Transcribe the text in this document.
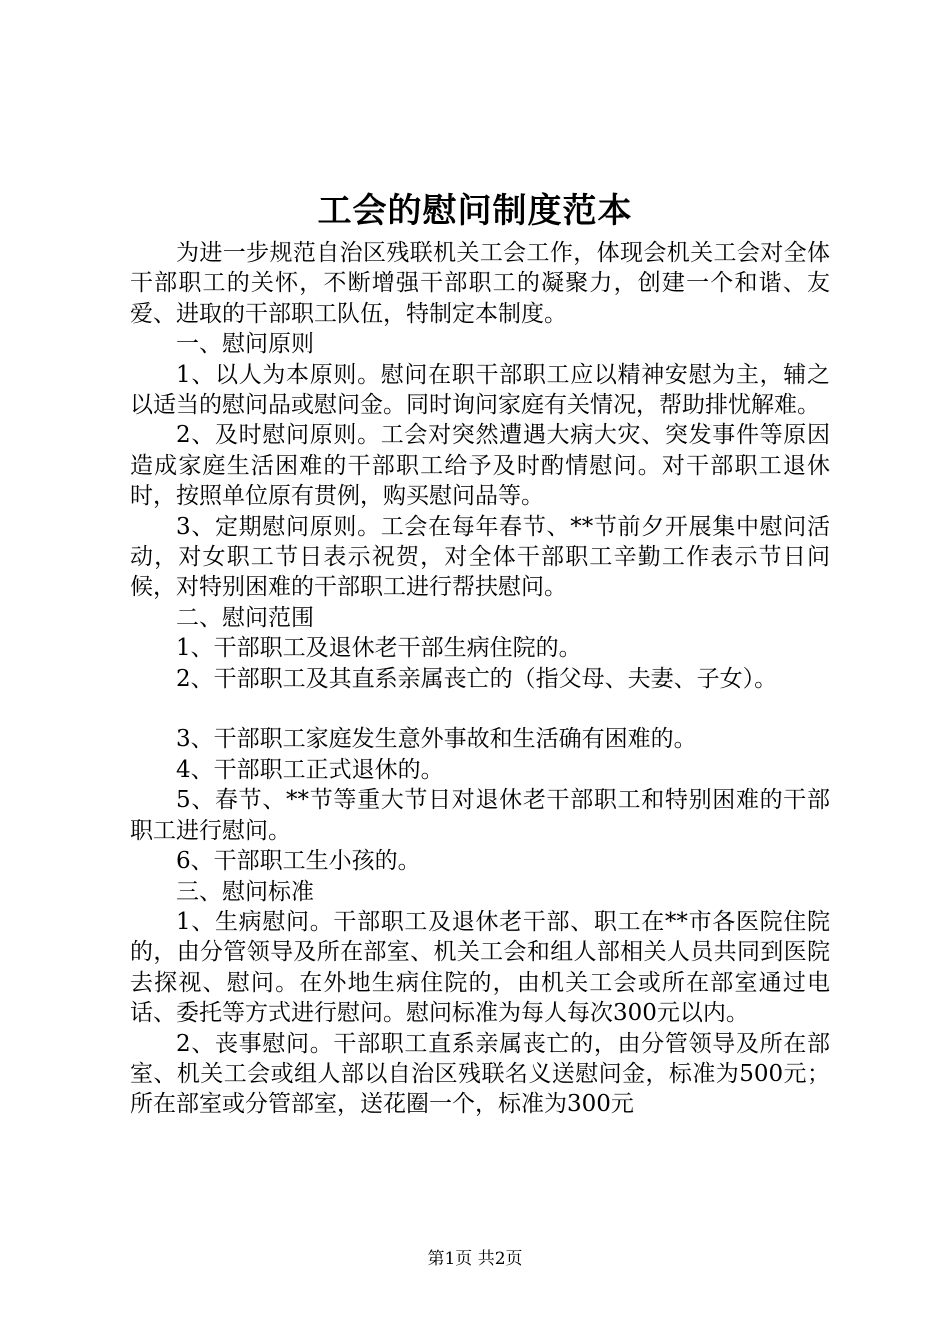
工会的慰问制度范本

为进一步规范自治区残联机关工会工作，体现会机关工会对全体干部职工的关怀，不断增强干部职工的凝聚力，创建一个和谐、友爱、进取的干部职工队伍，特制定本制度。

一、慰问原则

1、以人为本原则。慰问在职干部职工应以精神安慰为主，辅之以适当的慰问品或慰问金。同时询问家庭有关情况，帮助排忧解难。

2、及时慰问原则。工会对突然遭遇大病大灾、突发事件等原因造成家庭生活困难的干部职工给予及时酌情慰问。对干部职工退休时，按照单位原有贯例，购买慰问品等。

3、定期慰问原则。工会在每年春节、**节前夕开展集中慰问活动，对女职工节日表示祝贺，对全体干部职工辛勤工作表示节日问候，对特别困难的干部职工进行帮扶慰问。

二、慰问范围

1、干部职工及退休老干部生病住院的。

2、干部职工及其直系亲属丧亡的（指父母、夫妻、子女）。

3、干部职工家庭发生意外事故和生活确有困难的。

4、干部职工正式退休的。

5、春节、**节等重大节日对退休老干部职工和特别困难的干部职工进行慰问。

6、干部职工生小孩的。

三、慰问标准

1、生病慰问。干部职工及退休老干部、职工在**市各医院住院的，由分管领导及所在部室、机关工会和组人部相关人员共同到医院去探视、慰问。在外地生病住院的，由机关工会或所在部室通过电话、委托等方式进行慰问。慰问标准为每人每次300元以内。

2、丧事慰问。干部职工直系亲属丧亡的，由分管领导及所在部室、机关工会或组人部以自治区残联名义送慰问金，标准为500元；所在部室或分管部室，送花圈一个，标准为300元

第1页 共2页
